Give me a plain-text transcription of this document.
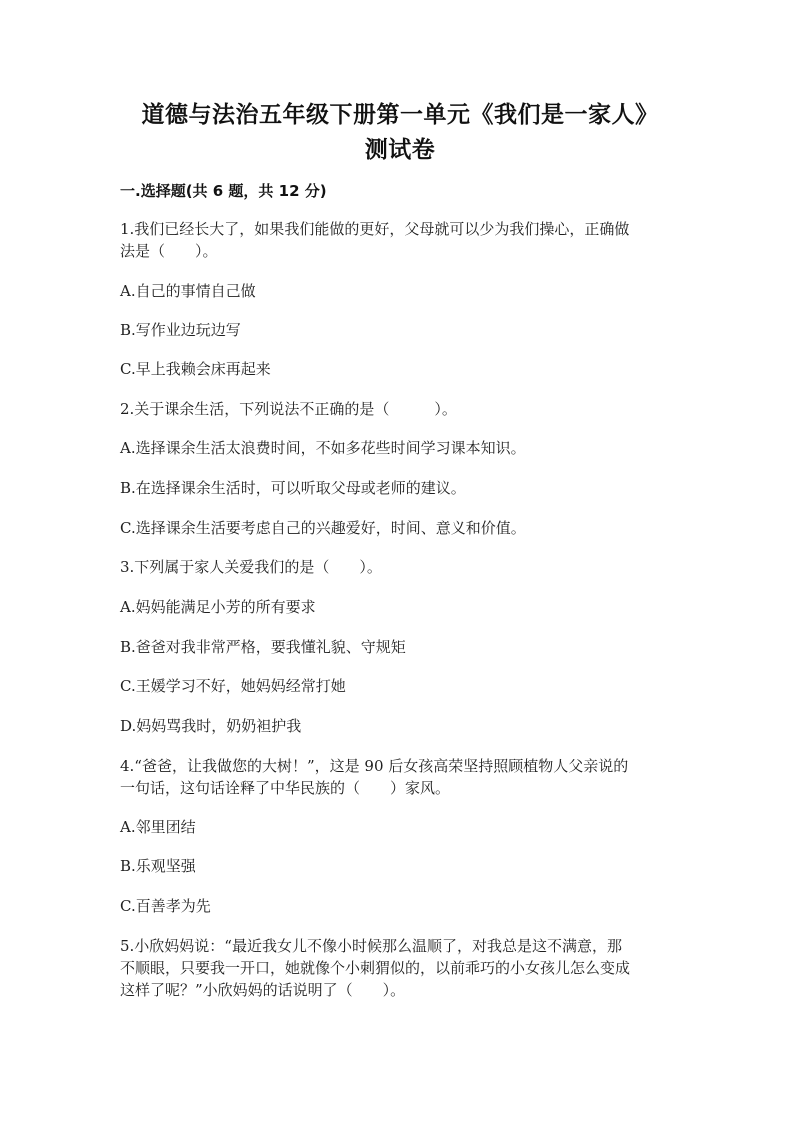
道德与法治五年级下册第一单元《我们是一家人》
测试卷
一.选择题(共 6 题，共 12 分)
1.我们已经长大了，如果我们能做的更好，父母就可以少为我们操心，正确做
法是（　　）。
A.自己的事情自己做
B.写作业边玩边写
C.早上我赖会床再起来
2.关于课余生活，下列说法不正确的是（　　　）。
A.选择课余生活太浪费时间，不如多花些时间学习课本知识。
B.在选择课余生活时，可以听取父母或老师的建议。
C.选择课余生活要考虑自己的兴趣爱好，时间、意义和价值。
3.下列属于家人关爱我们的是（　　）。
A.妈妈能满足小芳的所有要求
B.爸爸对我非常严格，要我懂礼貌、守规矩
C.王媛学习不好，她妈妈经常打她
D.妈妈骂我时，奶奶袒护我
4.“爸爸，让我做您的大树！”，这是 90 后女孩高荣坚持照顾植物人父亲说的
一句话，这句话诠释了中华民族的（　　）家风。
A.邻里团结
B.乐观坚强
C.百善孝为先
5.小欣妈妈说：“最近我女儿不像小时候那么温顺了，对我总是这不满意，那
不顺眼，只要我一开口，她就像个小刺猬似的，以前乖巧的小女孩儿怎么变成
这样了呢？”小欣妈妈的话说明了（　　）。
